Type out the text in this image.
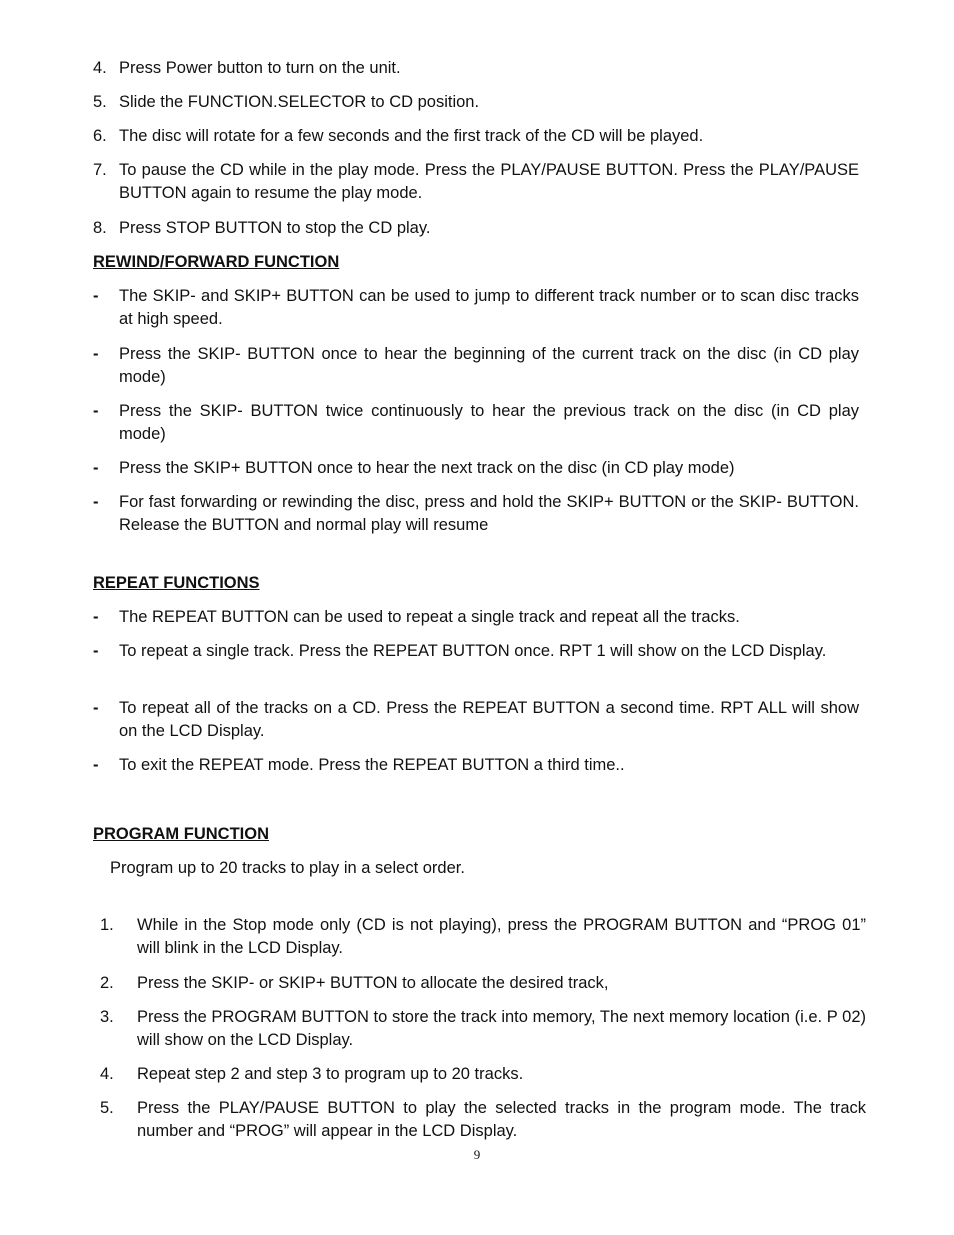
4. Press Power button to turn on the unit.
5. Slide the FUNCTION.SELECTOR to CD position.
6. The disc will rotate for a few seconds and the first track of the CD will be played.
7. To pause the CD while in the play mode. Press the PLAY/PAUSE BUTTON. Press the PLAY/PAUSE BUTTON again to resume the play mode.
8. Press STOP BUTTON to stop the CD play.
REWIND/FORWARD FUNCTION
- The SKIP- and SKIP+ BUTTON can be used to jump to different track number or to scan disc tracks at high speed.
- Press the SKIP- BUTTON once to hear the beginning of the current track on the disc (in CD play mode)
- Press the SKIP- BUTTON twice continuously to hear the previous track on the disc (in CD play mode)
- Press the SKIP+ BUTTON once to hear the next track on the disc (in CD play mode)
- For fast forwarding or rewinding the disc, press and hold the SKIP+ BUTTON or the SKIP- BUTTON. Release the BUTTON and normal play will resume
REPEAT FUNCTIONS
- The REPEAT BUTTON can be used to repeat a single track and repeat all the tracks.
- To repeat a single track. Press the REPEAT BUTTON once. RPT 1 will show on the LCD Display.
- To repeat all of the tracks on a CD. Press the REPEAT BUTTON a second time. RPT ALL will show on the LCD Display.
- To exit the REPEAT mode. Press the REPEAT BUTTON a third time..
PROGRAM FUNCTION
Program up to 20 tracks to play in a select order.
1. While in the Stop mode only (CD is not playing), press the PROGRAM BUTTON and “PROG 01” will blink in the LCD Display.
2. Press the SKIP- or SKIP+ BUTTON to allocate the desired track,
3. Press the PROGRAM BUTTON to store the track into memory, The next memory location (i.e. P 02) will show on the LCD Display.
4. Repeat step 2 and step 3 to program up to 20 tracks.
5. Press the PLAY/PAUSE BUTTON to play the selected tracks in the program mode. The track number and “PROG” will appear in the LCD Display.
9
